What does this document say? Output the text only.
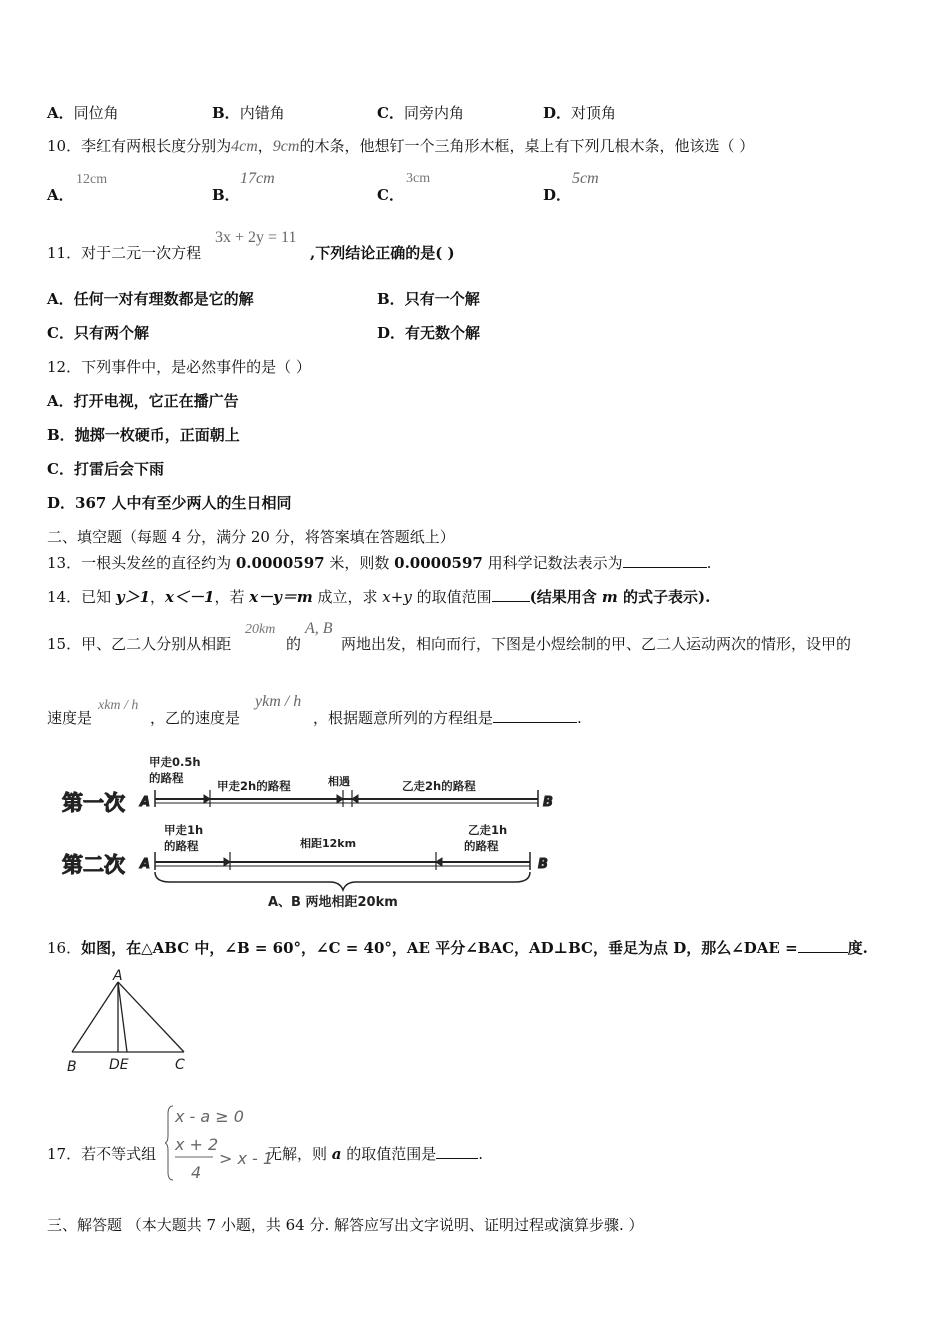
A．同位角	B．内错角	C．同旁内角	D．对顶角
10．李红有两根长度分别为4cm，9cm的木条，他想钉一个三角形木框，桌上有下列几根木条，他该选（ ）
A．
12cm
B．
17cm
C．
3cm
D．
5cm
11．对于二元一次方程
3x + 2y = 11
,下列结论正确的是( )
A．任何一对有理数都是它的解	B．只有一个解
C．只有两个解	D．有无数个解
12．下列事件中，是必然事件的是（ ）
A．打开电视，它正在播广告
B．抛掷一枚硬币，正面朝上
C．打雷后会下雨
D．367 人中有至少两人的生日相同
二、填空题（每题 4 分，满分 20 分，将答案填在答题纸上）
13．一根头发丝的直径约为 0.0000597 米，则数 0.0000597 用科学记数法表示为	.
14．已知 y＞1，x＜－1，若 x－y＝m 成立，求 x+y 的取值范围	(结果用含 m 的式子表示).
15．甲、乙二人分别从相距
20km
的
A, B
两地出发，相向而行，下图是小煜绘制的甲、乙二人运动两次的情形，设甲的
速度是
xkm / h
，乙的速度是
ykm / h
，根据题意所列的方程组是	.
第一次 A	B
甲走0.5h
的路程
甲走2h的路程	相遇	乙走2h的路程
第二次 A	B
甲走1h
的路程	相距12km
乙走1h
的路程
A、B 两地相距20km
16．如图，在△ABC 中，∠B = 60°，∠C = 40°，AE 平分∠BAC，AD⊥BC，垂足为点 D，那么∠DAE =	度.
A
B DE	C
17．若不等式组
x - a ≥ 0
x + 2
4
> x - 1
无解，则 a 的取值范围是	.
三、解答题 （本大题共 7 小题，共 64 分. 解答应写出文字说明、证明过程或演算步骤. ）
